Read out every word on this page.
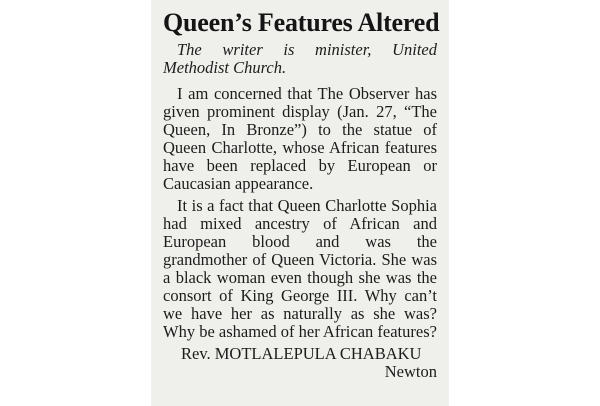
Queen’s Features Altered

The writer is minister, United Methodist Church.

I am concerned that The Observer has given prominent display (Jan. 27, “The Queen, In Bronze”) to the statue of Queen Charlotte, whose African features have been replaced by European or Caucasian appearance.

It is a fact that Queen Charlotte Sophia had mixed ancestry of African and European blood and was the grandmother of Queen Victoria. She was a black woman even though she was the consort of King George III. Why can’t we have her as naturally as she was? Why be ashamed of her African features?

Rev. MOTLALEPULA CHABAKU

Newton
